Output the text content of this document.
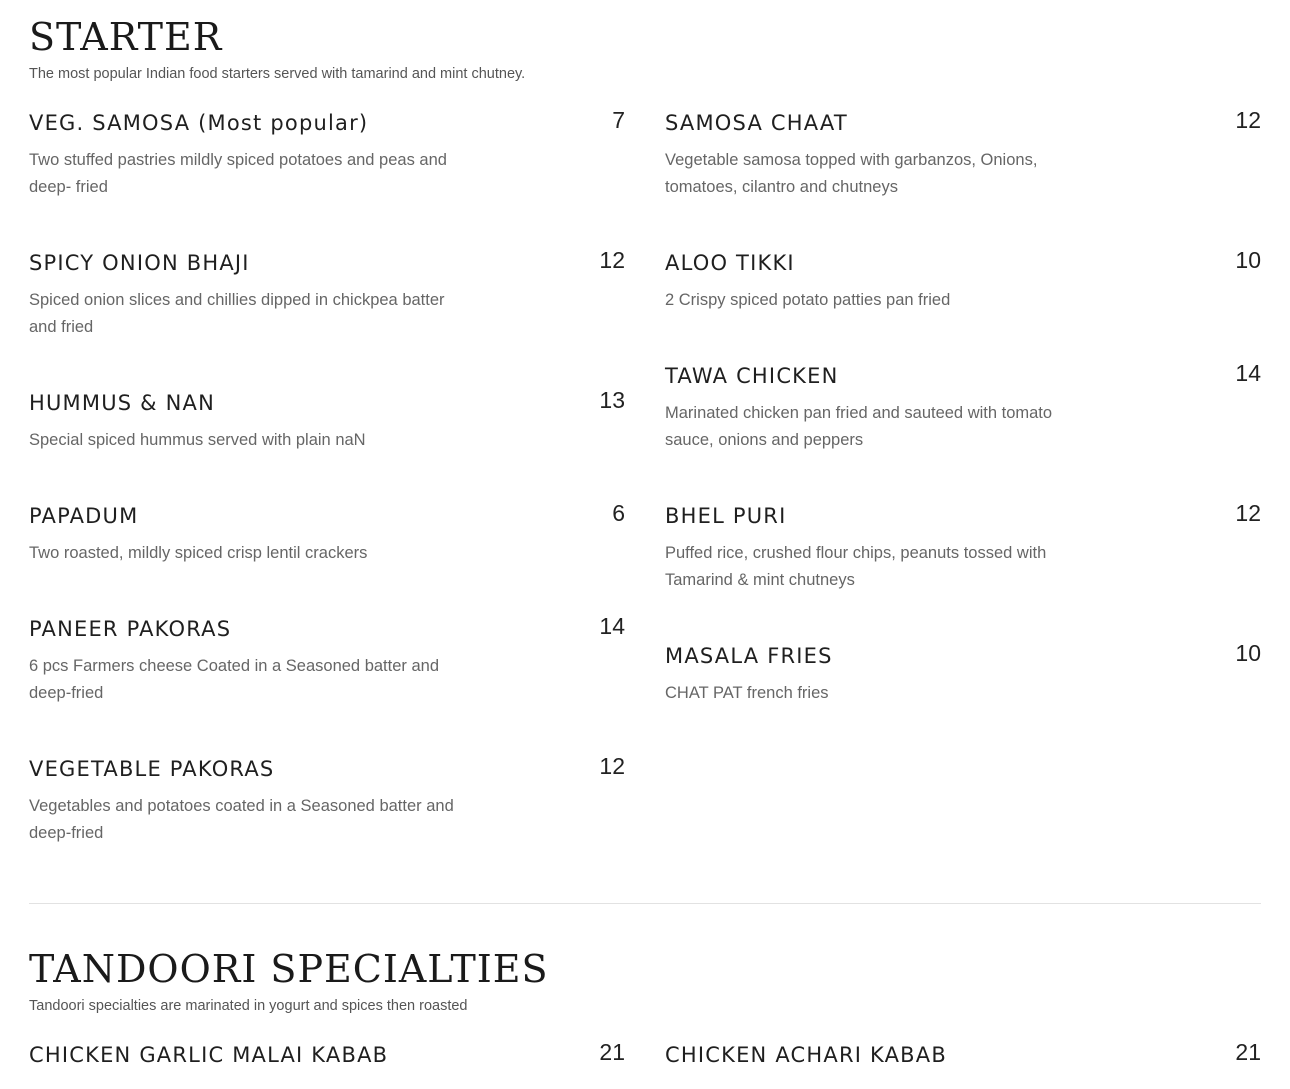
STARTER
The most popular Indian food starters served with tamarind and mint chutney.
VEG. SAMOSA (Most popular)	7
Two stuffed pastries mildly spiced potatoes and peas and deep- fried
SPICY ONION BHAJI	12
Spiced onion slices and chillies dipped in chickpea batter and fried
HUMMUS & NAN	13
Special spiced hummus served with plain naN
PAPADUM	6
Two roasted, mildly spiced crisp lentil crackers
PANEER PAKORAS	14
6 pcs Farmers cheese Coated in a Seasoned batter and deep-fried
VEGETABLE PAKORAS	12
Vegetables and potatoes coated in a Seasoned batter and deep-fried
SAMOSA CHAAT	12
Vegetable samosa topped with garbanzos, Onions, tomatoes, cilantro and chutneys
ALOO TIKKI	10
2 Crispy spiced potato patties pan fried
TAWA CHICKEN	14
Marinated chicken pan fried and sauteed with tomato sauce, onions and peppers
BHEL PURI	12
Puffed rice, crushed flour chips, peanuts tossed with Tamarind & mint chutneys
MASALA FRIES	10
CHAT PAT french fries
TANDOORI SPECIALTIES
Tandoori specialties are marinated in yogurt and spices then roasted
CHICKEN GARLIC MALAI KABAB	21 CHICKEN ACHARI KABAB	21
